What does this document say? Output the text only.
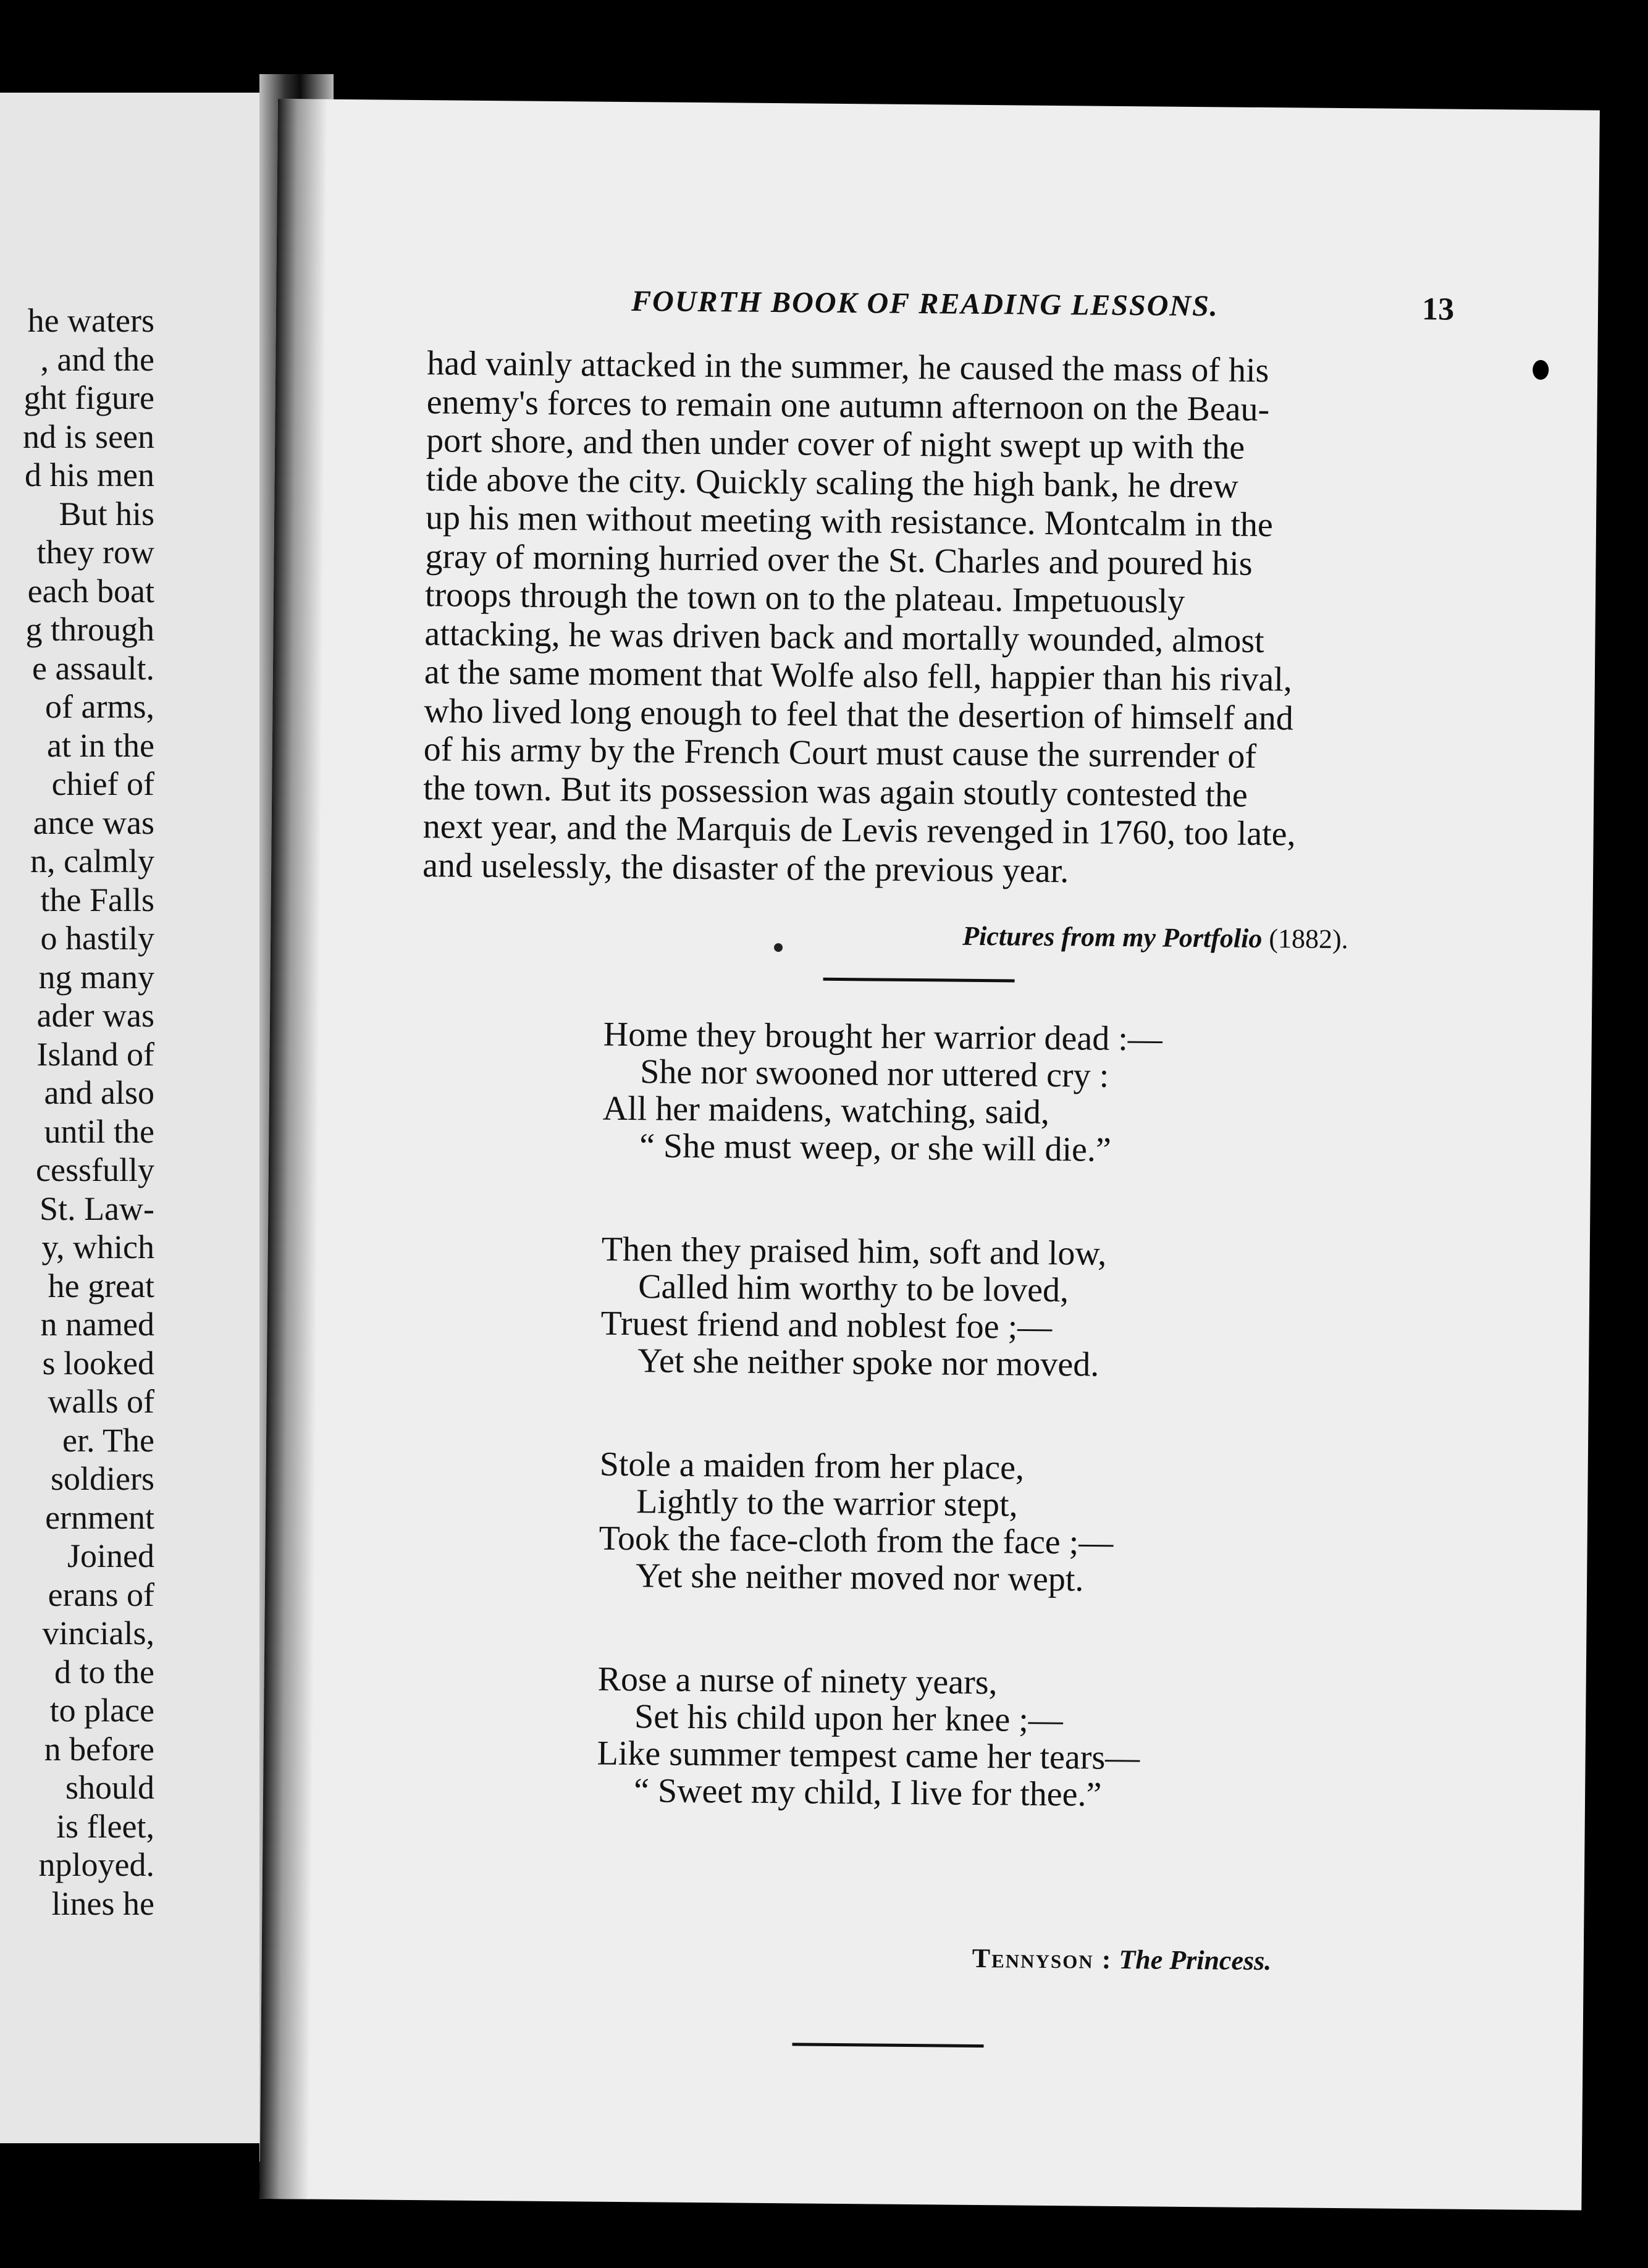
he waters
, and the
ght figure
nd is seen
d his men
But his
they row
each boat
g through
e assault.
of arms,
at in the
chief of
ance was
n, calmly
the Falls
o hastily
ng many
ader was
Island of
and also
until the
cessfully
St. Law-
y, which
he great
n named
s looked
walls of
er. The
soldiers
ernment
Joined
erans of
vincials,
d to the
to place
n before
should
is fleet,
nployed.
lines he
FOURTH BOOK OF READING LESSONS.	13
had vainly attacked in the summer, he caused the mass of his
enemy's forces to remain one autumn afternoon on the Beau-
port shore, and then under cover of night swept up with the
tide above the city. Quickly scaling the high bank, he drew
up his men without meeting with resistance. Montcalm in the
gray of morning hurried over the St. Charles and poured his
troops through the town on to the plateau. Impetuously
attacking, he was driven back and mortally wounded, almost
at the same moment that Wolfe also fell, happier than his rival,
who lived long enough to feel that the desertion of himself and
of his army by the French Court must cause the surrender of
the town. But its possession was again stoutly contested the
next year, and the Marquis de Levis revenged in 1760, too late,
and uselessly, the disaster of the previous year.
Pictures from my Portfolio (1882).
Home they brought her warrior dead :—
She nor swooned nor uttered cry :
All her maidens, watching, said,
“ She must weep, or she will die.”
Then they praised him, soft and low,
Called him worthy to be loved,
Truest friend and noblest foe ;—
Yet she neither spoke nor moved.
Stole a maiden from her place,
Lightly to the warrior stept,
Took the face-cloth from the face ;—
Yet she neither moved nor wept.
Rose a nurse of ninety years,
Set his child upon her knee ;—
Like summer tempest came her tears—
“ Sweet my child, I live for thee.”
Tennyson : The Princess.
